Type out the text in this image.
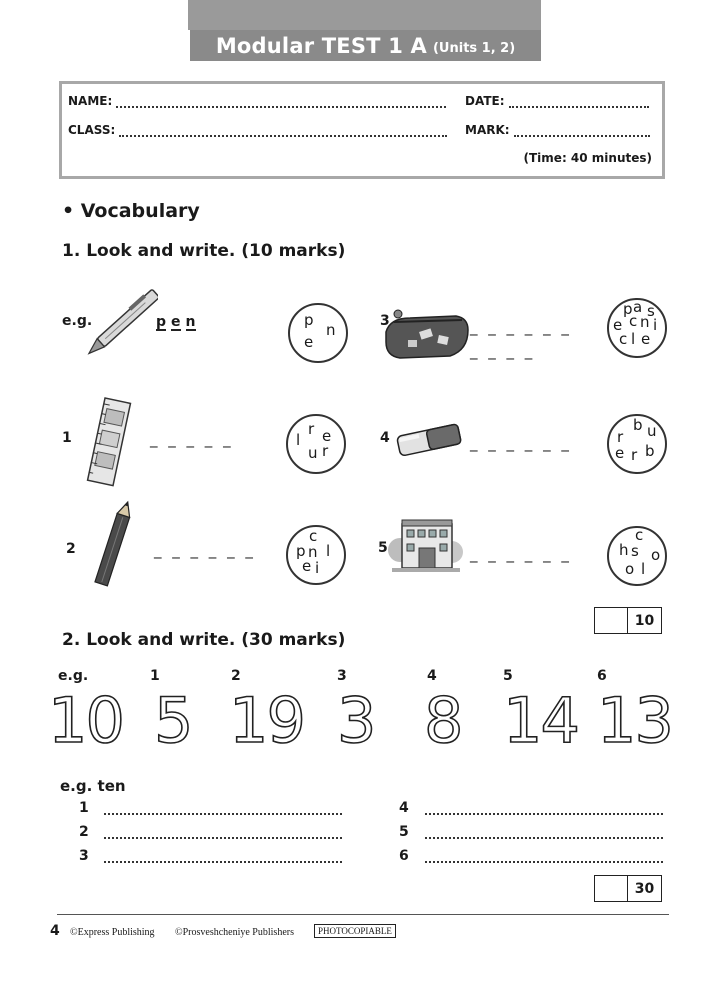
Modular TEST 1 A (Units 1, 2)
NAME:	DATE:
CLASS:	MARK:
(Time: 40 minutes)
• Vocabulary
1. Look and write. (10 marks)
e.g.	p e n	p
n
e
1	_ _ _ _ _
r e
l
u r
2	_ _ _ _ _ _
c
p n l
e i
3	_ _ _ _ _ _
_ _ _ _
p a s
e c n i
c l e
4	_ _ _ _ _ _
b u
r
e r b
5	_ _ _ _ _ _
c
h s o
o l
10
2. Look and write. (30 marks)
e.g.	1	2	3	4	5	6
10 5 19 3 8 14 13
e.g. ten
1
2
3
4
5
6
30
4 ©Express Publishing ©Prosveshcheniye Publishers	PHOTOCOPIABLE
